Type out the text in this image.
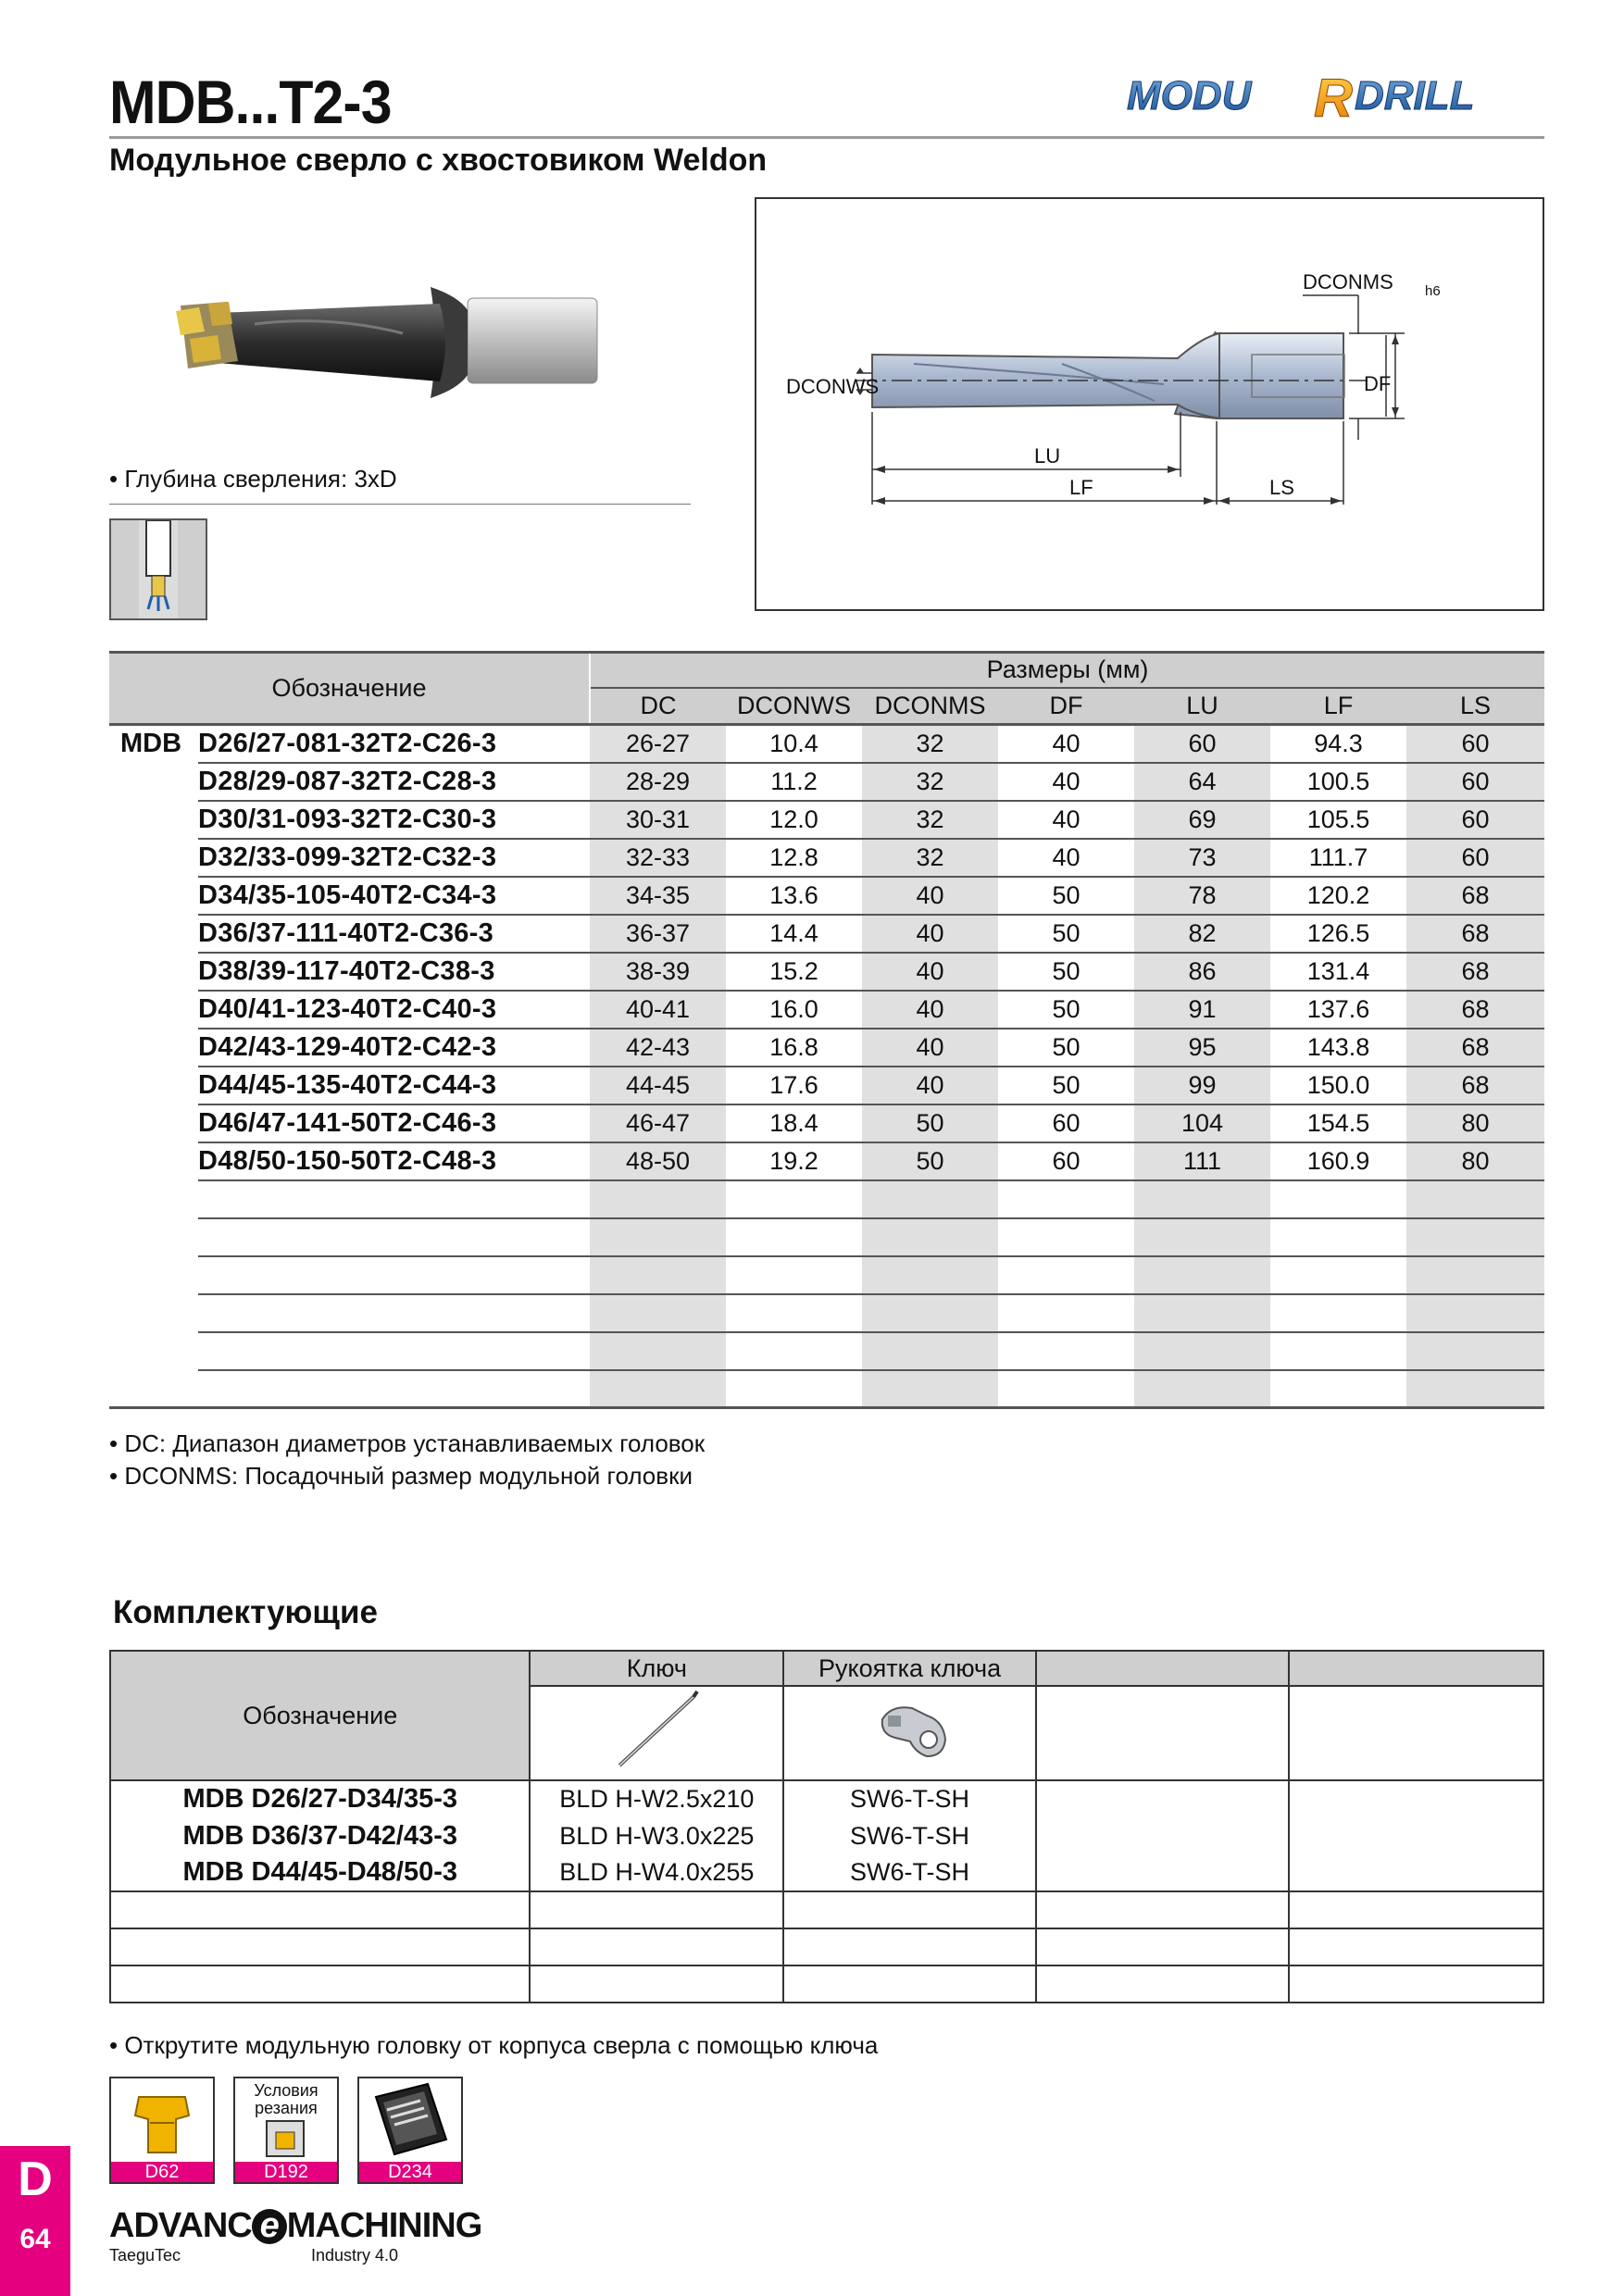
MDB...T2-3
Модульное сверло с хвостовиком Weldon
MODU R DRILL
• Глубина сверления: 3xD
DCONMS h6
DF
DCONWS
LU
LF	LS
Обозначение		Размеры (мм)						
		DC	DCONWS	DCONMS	DF	LU	LF	LS
MDB	D26/27-081-32T2-C26-3	26-27	10.4	32	40	60	94.3	60
	D28/29-087-32T2-C28-3	28-29	11.2	32	40	64	100.5	60
	D30/31-093-32T2-C30-3	30-31	12.0	32	40	69	105.5	60
	D32/33-099-32T2-C32-3	32-33	12.8	32	40	73	111.7	60
	D34/35-105-40T2-C34-3	34-35	13.6	40	50	78	120.2	68
	D36/37-111-40T2-C36-3	36-37	14.4	40	50	82	126.5	68
	D38/39-117-40T2-C38-3	38-39	15.2	40	50	86	131.4	68
	D40/41-123-40T2-C40-3	40-41	16.0	40	50	91	137.6	68
	D42/43-129-40T2-C42-3	42-43	16.8	40	50	95	143.8	68
	D44/45-135-40T2-C44-3	44-45	17.6	40	50	99	150.0	68
	D46/47-141-50T2-C46-3	46-47	18.4	50	60	104	154.5	80
	D48/50-150-50T2-C48-3	48-50	19.2	50	60	111	160.9	80

• DC: Диапазон диаметров устанавливаемых головок
• DCONMS: Посадочный размер модульной головки
Комплектующие
Обозначение	Ключ	Рукоятка ключа		

MDB D26/27-D34/35-3	BLD H-W2.5x210	SW6-T-SH		
MDB D36/37-D42/43-3	BLD H-W3.0x225	SW6-T-SH		
MDB D44/45-D48/50-3	BLD H-W4.0x255	SW6-T-SH		

• Открутите модульную головку от корпуса сверла с помощью ключа
D62
Условия резания
D192	D234
D
64	ADVANC e MACHINING
TaeguTec	Industry 4.0
